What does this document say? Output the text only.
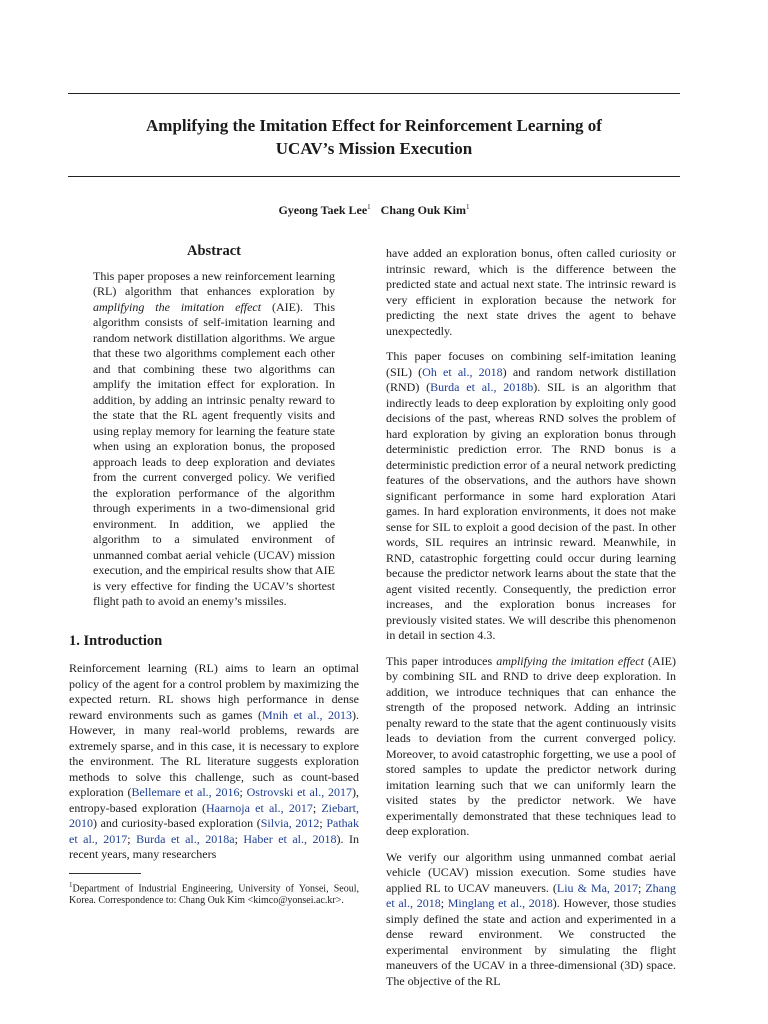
Amplifying the Imitation Effect for Reinforcement Learning of
UCAV’s Mission Execution
Gyeong Taek Lee$^1$ Chang Ouk Kim$^1$
Abstract

This paper proposes a new reinforcement learning (RL) algorithm that enhances exploration by amplifying the imitation effect (AIE). This algorithm consists of self-imitation learning and random network distillation algorithms. We argue that these two algorithms complement each other and that combining these two algorithms can amplify the imitation effect for exploration. In addition, by adding an intrinsic penalty reward to the state that the RL agent frequently visits and using replay memory for learning the feature state when using an exploration bonus, the proposed approach leads to deep exploration and deviates from the current converged policy. We verified the exploration performance of the algorithm through experiments in a two-dimensional grid environment. In addition, we applied the algorithm to a simulated environment of unmanned combat aerial vehicle (UCAV) mission execution, and the empirical results show that AIE is very effective for finding the UCAV’s shortest flight path to avoid an enemy’s missiles.

1. Introduction

Reinforcement learning (RL) aims to learn an optimal policy of the agent for a control problem by maximizing the expected return. RL shows high performance in dense reward environments such as games (Mnih et al., 2013). However, in many real-world problems, rewards are extremely sparse, and in this case, it is necessary to explore the environment. The RL literature suggests exploration methods to solve this challenge, such as count-based exploration (Bellemare et al., 2016; Ostrovski et al., 2017), entropy-based exploration (Haarnoja et al., 2017; Ziebart, 2010) and curiosity-based exploration (Silvia, 2012; Pathak et al., 2017; Burda et al., 2018a; Haber et al., 2018). In recent years, many researchers

$^1$Department of Industrial Engineering, University of Yonsei, Seoul, Korea. Correspondence to: Chang Ouk Kim <kimco@yonsei.ac.kr>.

have added an exploration bonus, often called curiosity or intrinsic reward, which is the difference between the predicted state and actual next state. The intrinsic reward is very efficient in exploration because the network for predicting the next state drives the agent to behave unexpectedly.

This paper focuses on combining self-imitation leaning (SIL) (Oh et al., 2018) and random network distillation (RND) (Burda et al., 2018b). SIL is an algorithm that indirectly leads to deep exploration by exploiting only good decisions of the past, whereas RND solves the problem of hard exploration by giving an exploration bonus through deterministic prediction error. The RND bonus is a deterministic prediction error of a neural network predicting features of the observations, and the authors have shown significant performance in some hard exploration Atari games. In hard exploration environments, it does not make sense for SIL to exploit a good decision of the past. In other words, SIL requires an intrinsic reward. Meanwhile, in RND, catastrophic forgetting could occur during learning because the predictor network learns about the state that the agent visited recently. Consequently, the prediction error increases, and the exploration bonus increases for previously visited states. We will describe this phenomenon in detail in section 4.3.

This paper introduces amplifying the imitation effect (AIE) by combining SIL and RND to drive deep exploration. In addition, we introduce techniques that can enhance the strength of the proposed network. Adding an intrinsic penalty reward to the state that the agent continuously visits leads to deviation from the current converged policy. Moreover, to avoid catastrophic forgetting, we use a pool of stored samples to update the predictor network during imitation learning such that we can uniformly learn the visited states by the predictor network. We have experimentally demonstrated that these techniques lead to deep exploration.

We verify our algorithm using unmanned combat aerial vehicle (UCAV) mission execution. Some studies have applied RL to UCAV maneuvers. (Liu & Ma, 2017; Zhang et al., 2018; Minglang et al., 2018). However, those studies simply defined the state and action and experimented in a dense reward environment. We constructed the experimental environment by simulating the flight maneuvers of the UCAV in a three-dimensional (3D) space. The objective of the RL
